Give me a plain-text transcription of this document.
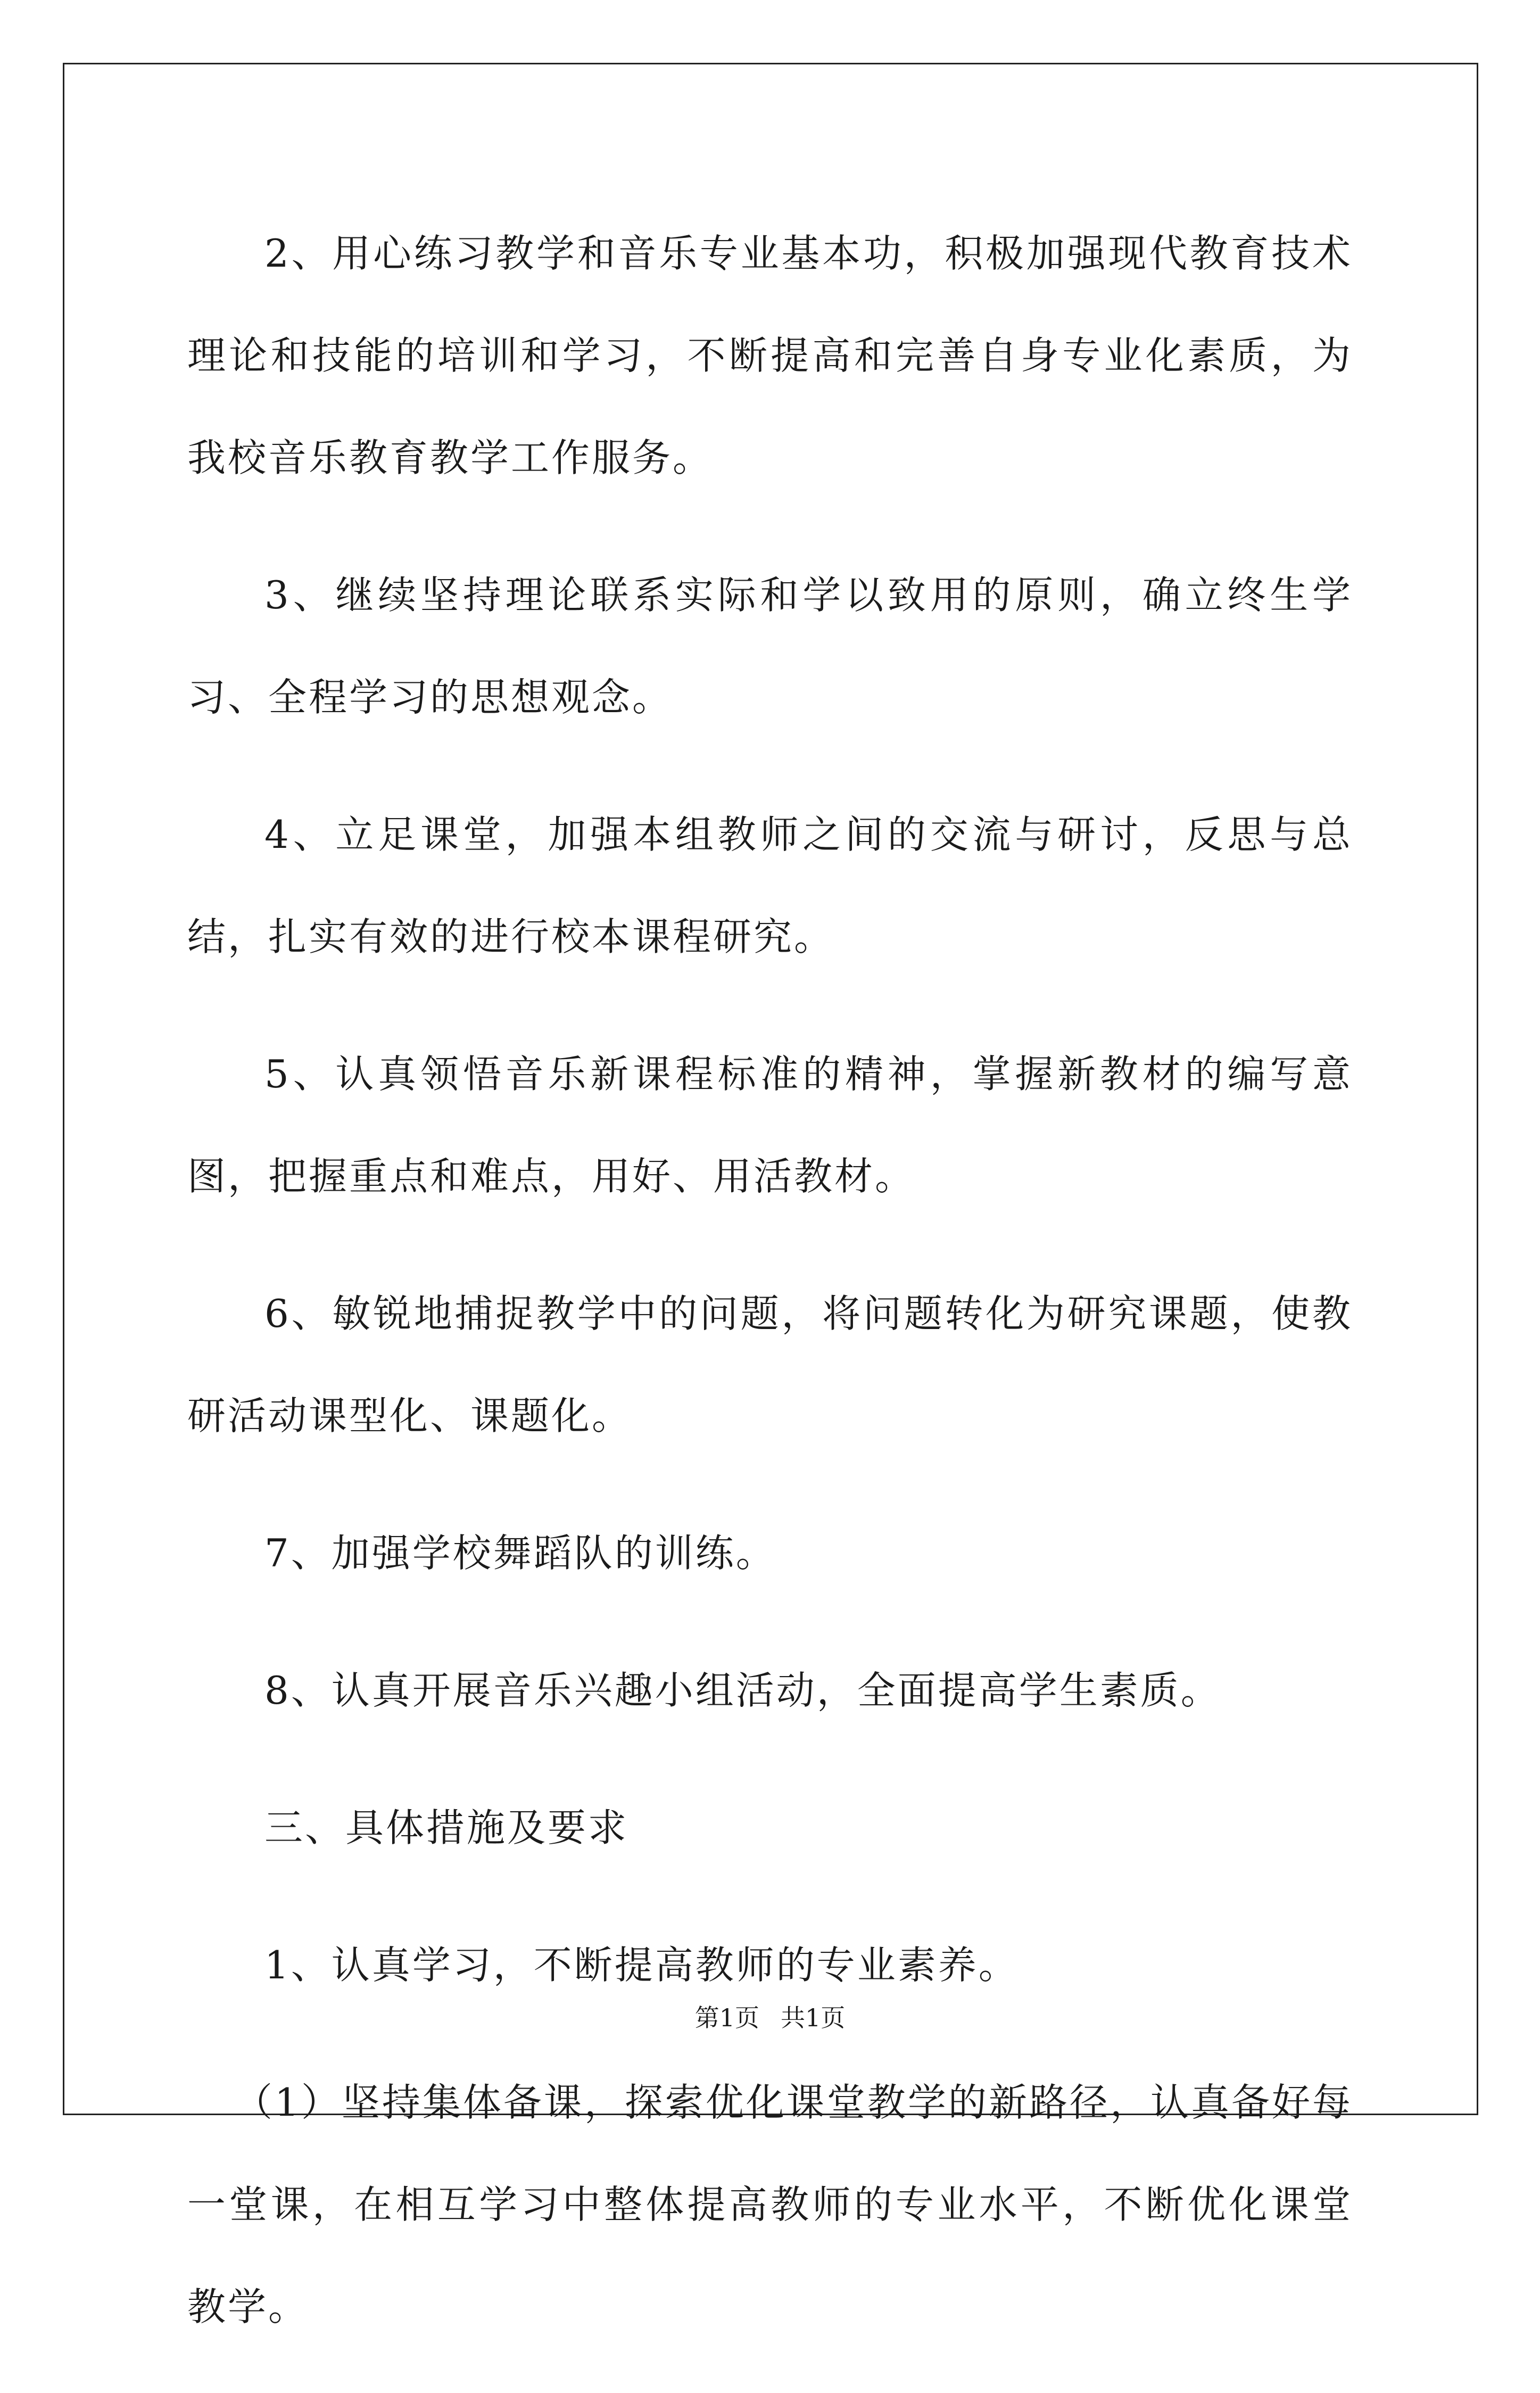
2、用心练习教学和音乐专业基本功，积极加强现代教育技术理论和技能的培训和学习，不断提高和完善自身专业化素质，为我校音乐教育教学工作服务。

3、继续坚持理论联系实际和学以致用的原则，确立终生学习、全程学习的思想观念。

4、立足课堂，加强本组教师之间的交流与研讨，反思与总结，扎实有效的进行校本课程研究。

5、认真领悟音乐新课程标准的精神，掌握新教材的编写意图，把握重点和难点，用好、用活教材。

6、敏锐地捕捉教学中的问题，将问题转化为研究课题，使教研活动课型化、课题化。

7、加强学校舞蹈队的训练。

8、认真开展音乐兴趣小组活动，全面提高学生素质。

三、具体措施及要求

1、认真学习，不断提高教师的专业素养。

（1）坚持集体备课，探索优化课堂教学的新路径，认真备好每一堂课，在相互学习中整体提高教师的专业水平，不断优化课堂教学。

第1页 共1页
